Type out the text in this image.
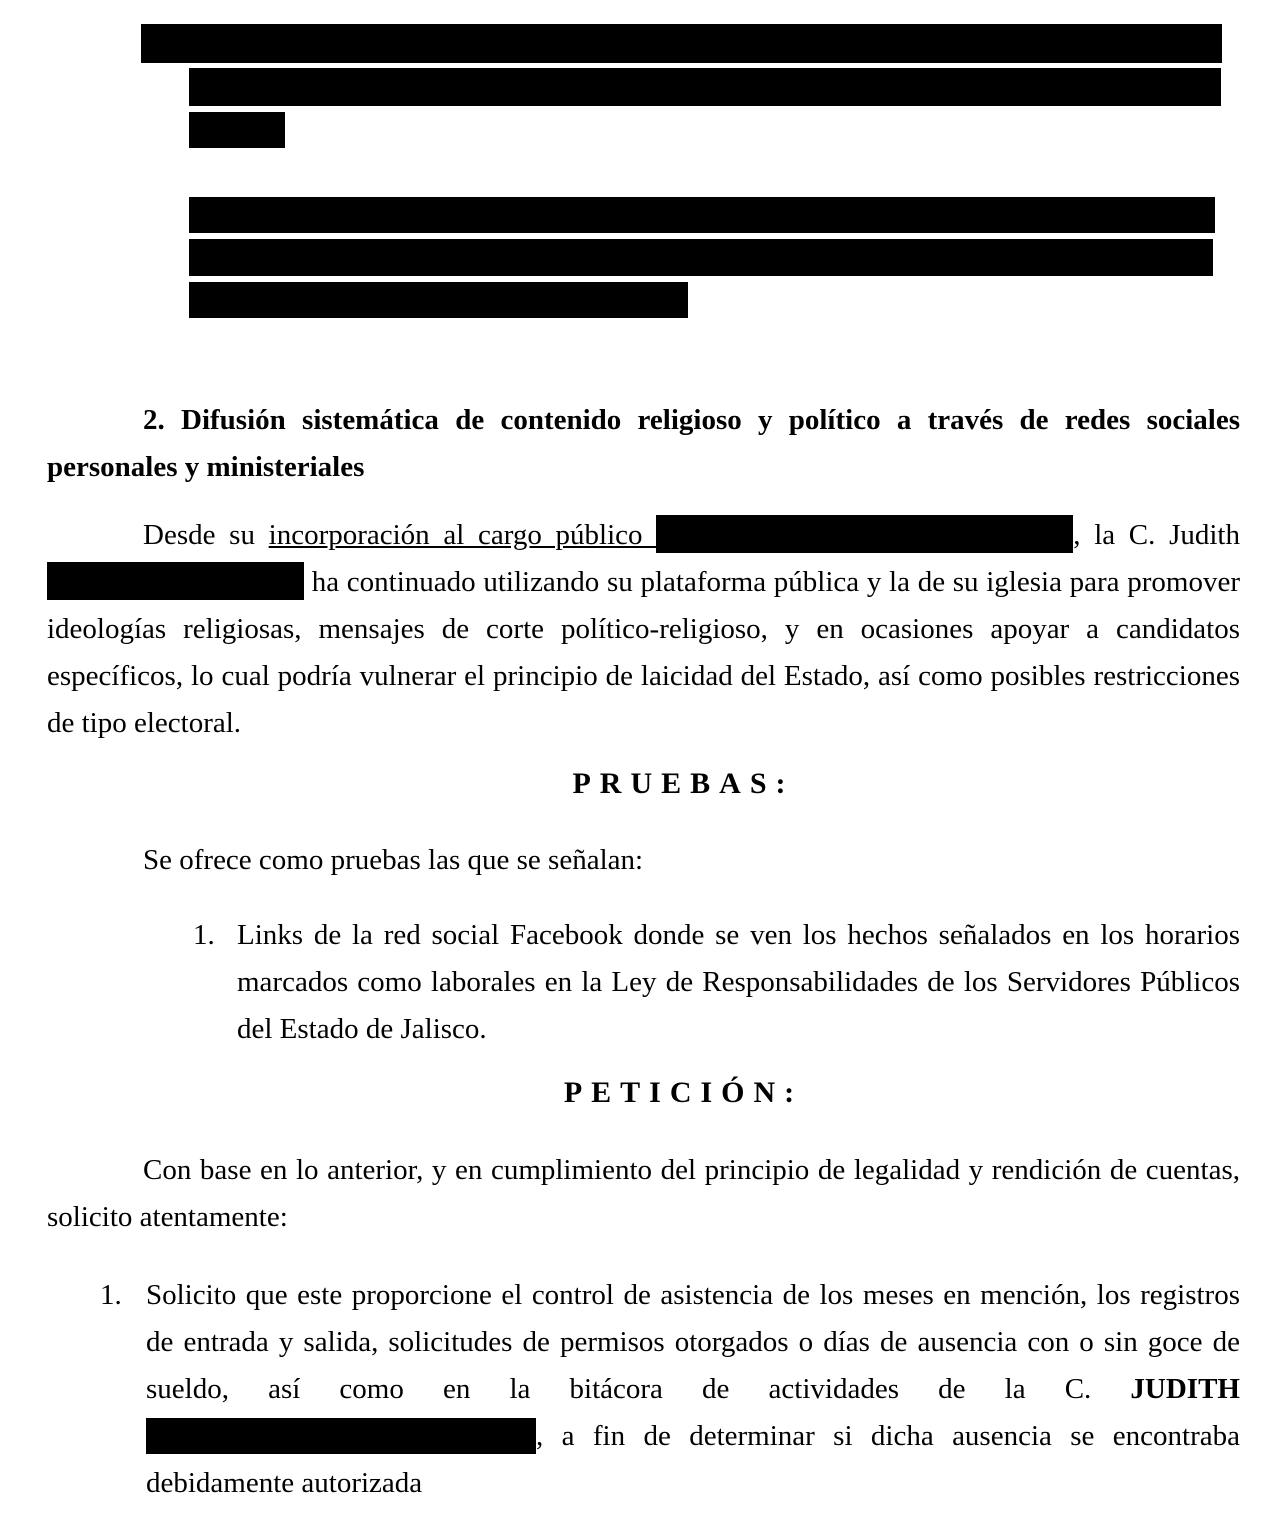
2. Difusión sistemática de contenido religioso y político a través de redes sociales personales y ministeriales

Desde su incorporación al cargo público	, la C. Judith  ha continuado utilizando su plataforma pública y la de su iglesia para promover ideologías religiosas, mensajes de corte político-religioso, y en ocasiones apoyar a candidatos específicos, lo cual podría vulnerar el principio de laicidad del Estado, así como posibles restricciones de tipo electoral.

PRUEBAS:

Se ofrece como pruebas las que se señalan:

1. Links de la red social Facebook donde se ven los hechos señalados en los horarios marcados como laborales en la Ley de Responsabilidades de los Servidores Públicos del Estado de Jalisco.

PETICIÓN:

Con base en lo anterior, y en cumplimiento del principio de legalidad y rendición de cuentas, solicito atentamente:

1. Solicito que este proporcione el control de asistencia de los meses en mención, los registros de entrada y salida, solicitudes de permisos otorgados o días de ausencia con o sin goce de sueldo, así como en la bitácora de actividades de la C. JUDITH , a fin de determinar si dicha ausencia se encontraba debidamente autorizada
